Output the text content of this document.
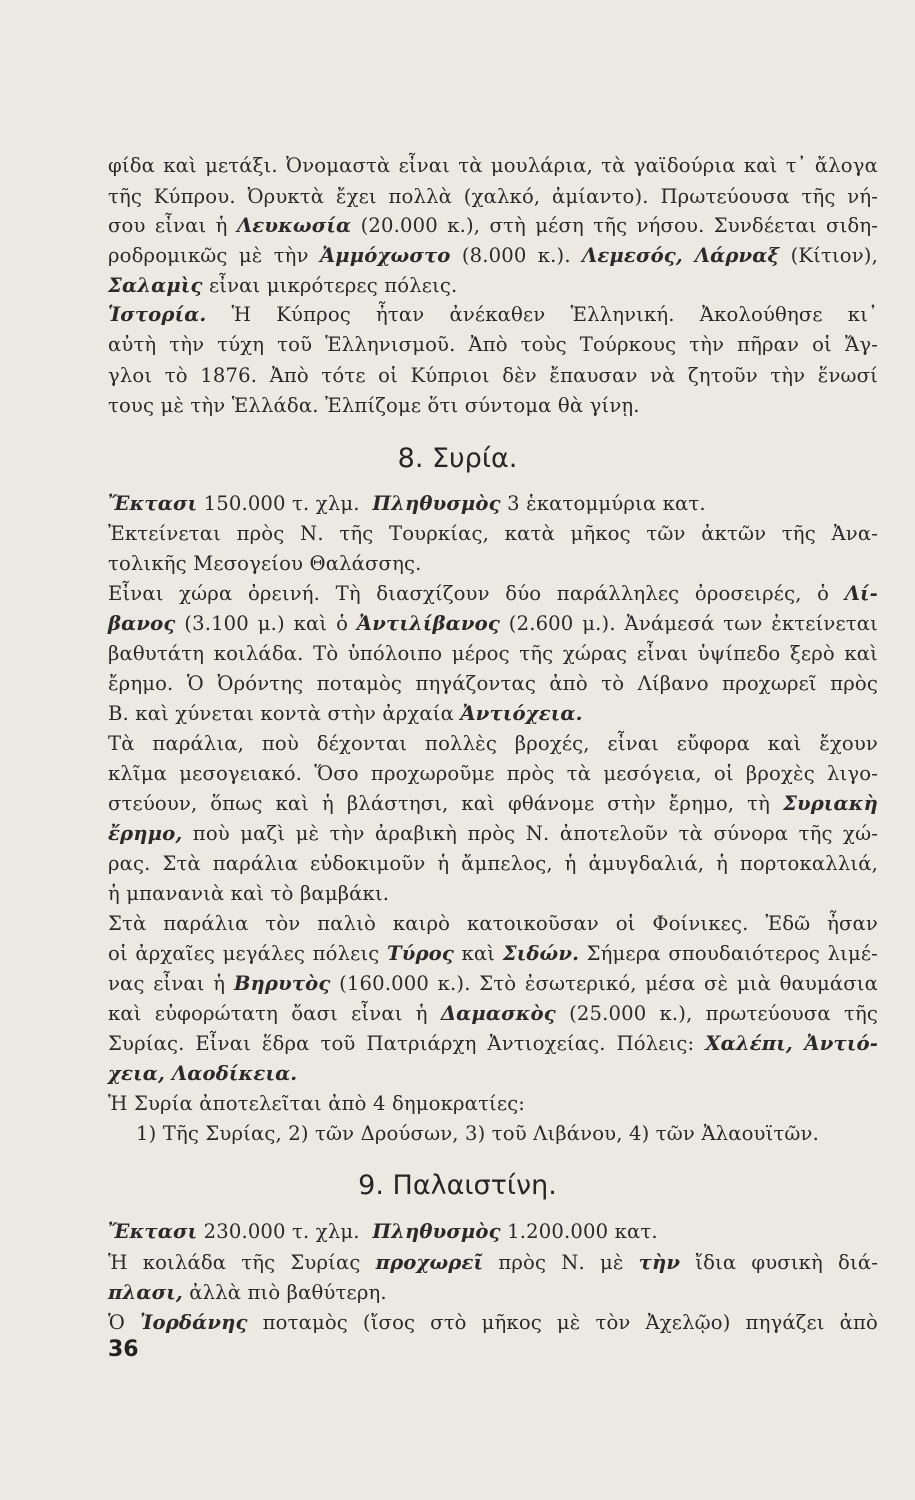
φίδα καὶ μετάξι. Ὀνομαστὰ εἶναι τὰ μουλάρια, τὰ γαϊδούρια καὶ τ᾽ ἄλογα
τῆς Κύπρου. Ὀρυκτὰ ἔχει πολλὰ (χαλκό, ἀμίαντο). Πρωτεύουσα τῆς νή-
σου εἶναι ἡ Λευκωσία (20.000 κ.), στὴ μέση τῆς νήσου. Συνδέεται σιδη-
ροδρομικῶς μὲ τὴν Ἀμμόχωστο (8.000 κ.). Λεμεσός, Λάρναξ (Κίτιον),
Σαλαμὶς εἶναι μικρότερες πόλεις.
Ἱστορία. Ἡ Κύπρος ἦταν ἀνέκαθεν Ἑλληνική. Ἀκολούθησε κι᾽
αὐτὴ τὴν τύχη τοῦ Ἑλληνισμοῦ. Ἀπὸ τοὺς Τούρκους τὴν πῆραν οἱ Ἄγ-
γλοι τὸ 1876. Ἀπὸ τότε οἱ Κύπριοι δὲν ἔπαυσαν νὰ ζητοῦν τὴν ἕνωσί
τους μὲ τὴν Ἑλλάδα. Ἐλπίζομε ὅτι σύντομα θὰ γίνῃ.
8. Συρία.
Ἔκτασι 150.000 τ. χλμ. Πληθυσμὸς 3 ἑκατομμύρια κατ.
Ἐκτείνεται πρὸς Ν. τῆς Τουρκίας, κατὰ μῆκος τῶν ἀκτῶν τῆς Ἀνα-
τολικῆς Μεσογείου Θαλάσσης.
Εἶναι χώρα ὀρεινή. Τὴ διασχίζουν δύο παράλληλες ὀροσειρές, ὁ Λί-
βανος (3.100 μ.) καὶ ὁ Ἀντιλίβανος (2.600 μ.). Ἀνάμεσά των ἐκτείνεται
βαθυτάτη κοιλάδα. Τὸ ὑπόλοιπο μέρος τῆς χώρας εἶναι ὑψίπεδο ξερὸ καὶ
ἔρημο. Ὁ Ὀρόντης ποταμὸς πηγάζοντας ἀπὸ τὸ Λίβανο προχωρεῖ πρὸς
Β. καὶ χύνεται κοντὰ στὴν ἀρχαία Ἀντιόχεια.
Τὰ παράλια, ποὺ δέχονται πολλὲς βροχές, εἶναι εὔφορα καὶ ἔχουν
κλῖμα μεσογειακό. Ὅσο προχωροῦμε πρὸς τὰ μεσόγεια, οἱ βροχὲς λιγο-
στεύουν, ὅπως καὶ ἡ βλάστησι, καὶ φθάνομε στὴν ἔρημο, τὴ Συριακὴ
ἔρημο, ποὺ μαζὶ μὲ τὴν ἀραβικὴ πρὸς Ν. ἀποτελοῦν τὰ σύνορα τῆς χώ-
ρας. Στὰ παράλια εὐδοκιμοῦν ἡ ἄμπελος, ἡ ἀμυγδαλιά, ἡ πορτοκαλλιά,
ἡ μπανανιὰ καὶ τὸ βαμβάκι.
Στὰ παράλια τὸν παλιὸ καιρὸ κατοικοῦσαν οἱ Φοίνικες. Ἐδῶ ἦσαν
οἱ ἀρχαῖες μεγάλες πόλεις Τύρος καὶ Σιδών. Σήμερα σπουδαιότερος λιμέ-
νας εἶναι ἡ Βηρυτὸς (160.000 κ.). Στὸ ἐσωτερικό, μέσα σὲ μιὰ θαυμάσια
καὶ εὐφορώτατη ὄασι εἶναι ἡ Δαμασκὸς (25.000 κ.), πρωτεύουσα τῆς
Συρίας. Εἶναι ἕδρα τοῦ Πατριάρχη Ἀντιοχείας. Πόλεις: Χαλέπι, Ἀντιό-
χεια, Λαοδίκεια.
Ἡ Συρία ἀποτελεῖται ἀπὸ 4 δημοκρατίες:
1) Τῆς Συρίας, 2) τῶν Δρούσων, 3) τοῦ Λιβάνου, 4) τῶν Ἀλαουϊτῶν.
9. Παλαιστίνη.
Ἔκτασι 230.000 τ. χλμ. Πληθυσμὸς 1.200.000 κατ.
Ἡ κοιλάδα τῆς Συρίας προχωρεῖ πρὸς Ν. μὲ τὴν ἴδια φυσικὴ διά-
πλασι, ἀλλὰ πιὸ βαθύτερη.
Ὁ Ἰορδάνης ποταμὸς (ἴσος στὸ μῆκος μὲ τὸν Ἀχελῷο) πηγάζει ἀπὸ
36
